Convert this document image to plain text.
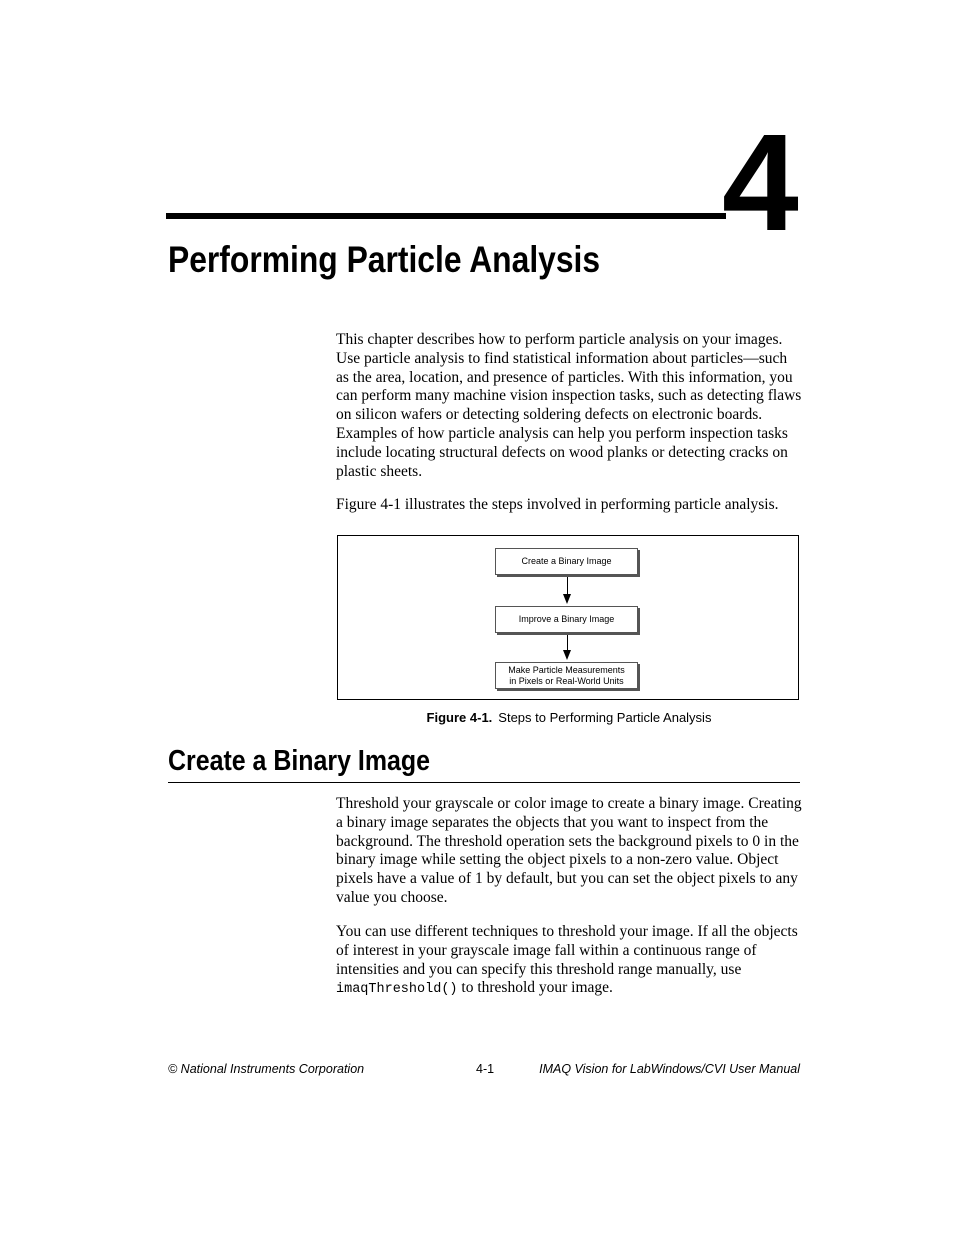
4
Performing Particle Analysis

This chapter describes how to perform particle analysis on your images. Use particle analysis to find statistical information about particles—such as the area, location, and presence of particles. With this information, you can perform many machine vision inspection tasks, such as detecting flaws on silicon wafers or detecting soldering defects on electronic boards. Examples of how particle analysis can help you perform inspection tasks include locating structural defects on wood planks or detecting cracks on plastic sheets.

Figure 4-1 illustrates the steps involved in performing particle analysis.

Create a Binary Image
Improve a Binary Image
Make Particle Measurements
in Pixels or Real-World Units
Figure 4-1. Steps to Performing Particle Analysis
Create a Binary Image

Threshold your grayscale or color image to create a binary image. Creating a binary image separates the objects that you want to inspect from the background. The threshold operation sets the background pixels to 0 in the binary image while setting the object pixels to a non-zero value. Object pixels have a value of 1 by default, but you can set the object pixels to any value you choose.

You can use different techniques to threshold your image. If all the objects of interest in your grayscale image fall within a continuous range of intensities and you can specify this threshold range manually, use imaqThreshold() to threshold your image.

© National Instruments Corporation	4-1	IMAQ Vision for LabWindows/CVI User Manual
